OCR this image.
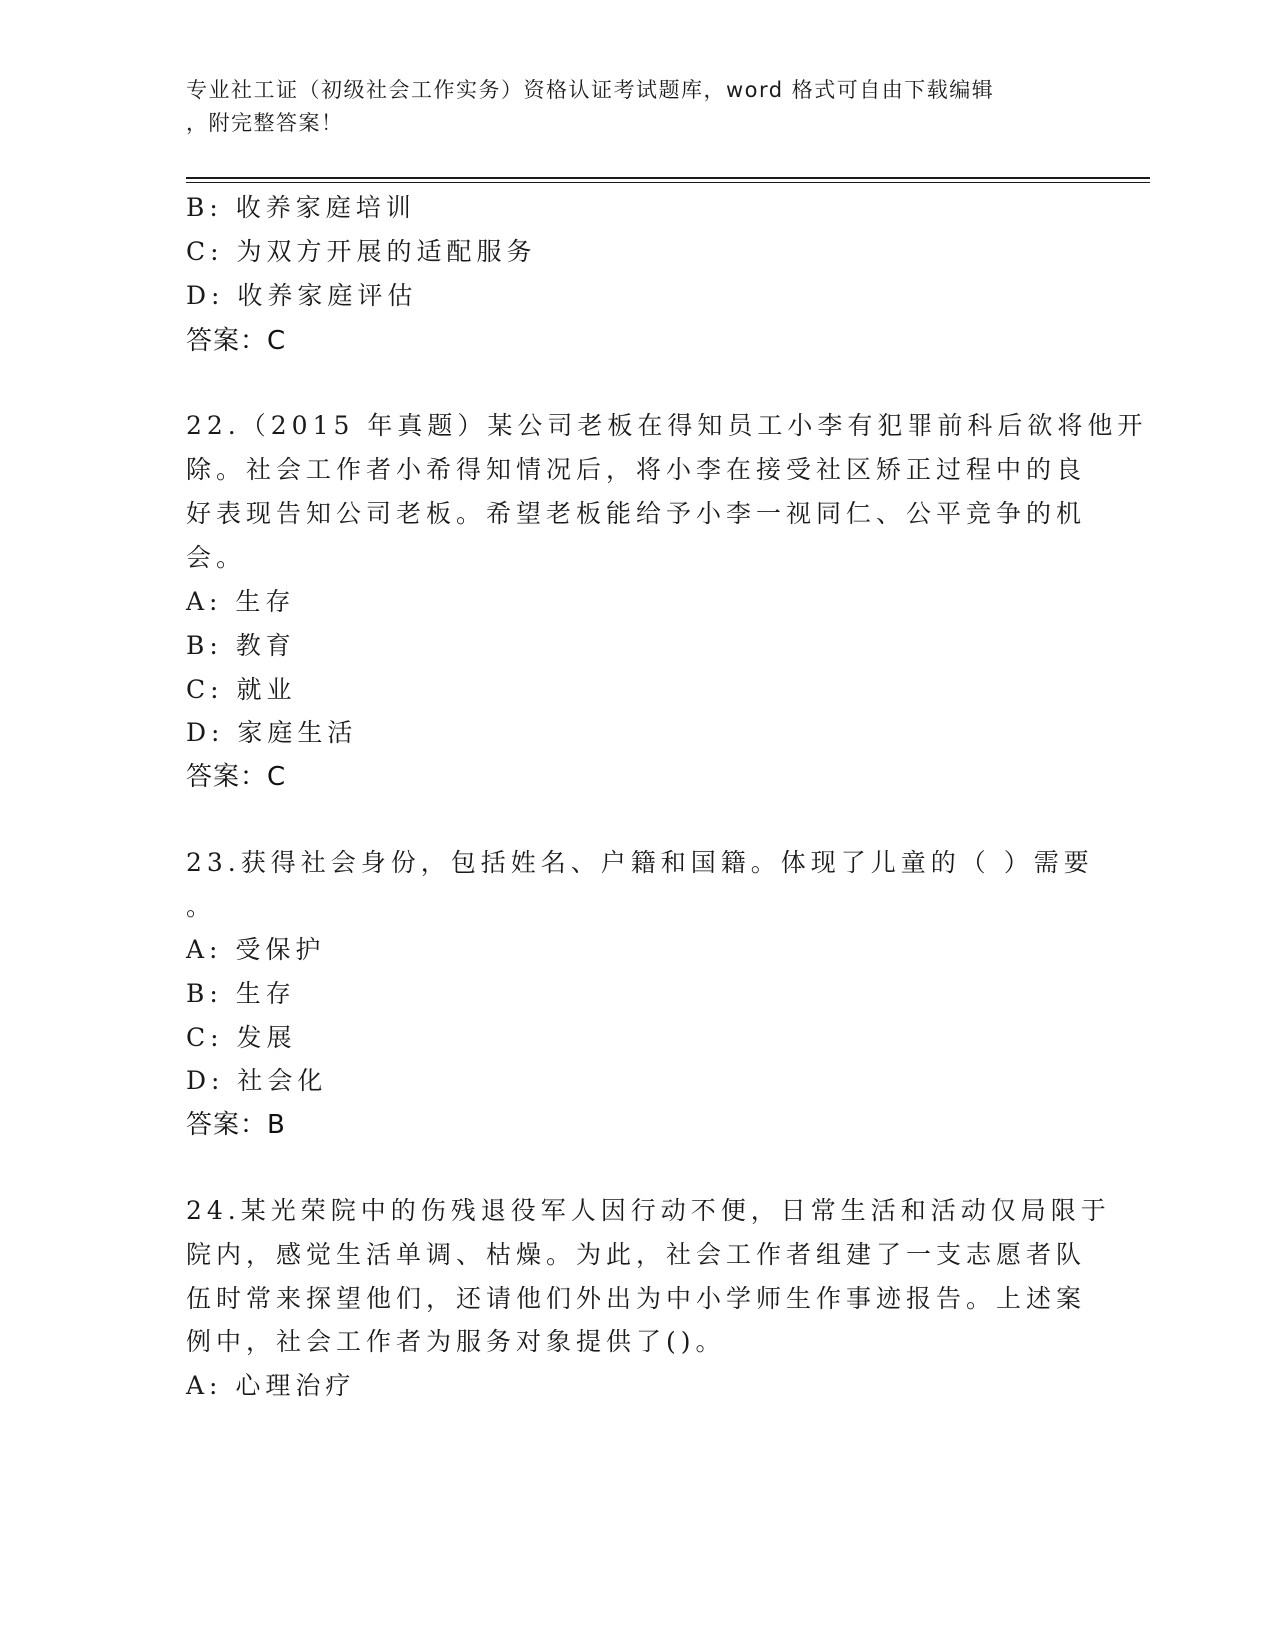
专业社工证（初级社会工作实务）资格认证考试题库，word 格式可自由下载编辑
，附完整答案！
B: 收养家庭培训
C: 为双方开展的适配服务
D: 收养家庭评估
答案：C
22.（2015 年真题）某公司老板在得知员工小李有犯罪前科后欲将他开
除。社会工作者小希得知情况后，将小李在接受社区矫正过程中的良
好表现告知公司老板。希望老板能给予小李一视同仁、公平竞争的机
会。
A: 生存
B: 教育
C: 就业
D: 家庭生活
答案：C
23.获得社会身份，包括姓名、户籍和国籍。体现了儿童的（ ）需要
。
A: 受保护
B: 生存
C: 发展
D: 社会化
答案：B
24.某光荣院中的伤残退役军人因行动不便，日常生活和活动仅局限于
院内，感觉生活单调、枯燥。为此，社会工作者组建了一支志愿者队
伍时常来探望他们，还请他们外出为中小学师生作事迹报告。上述案
例中，社会工作者为服务对象提供了()。
A: 心理治疗
